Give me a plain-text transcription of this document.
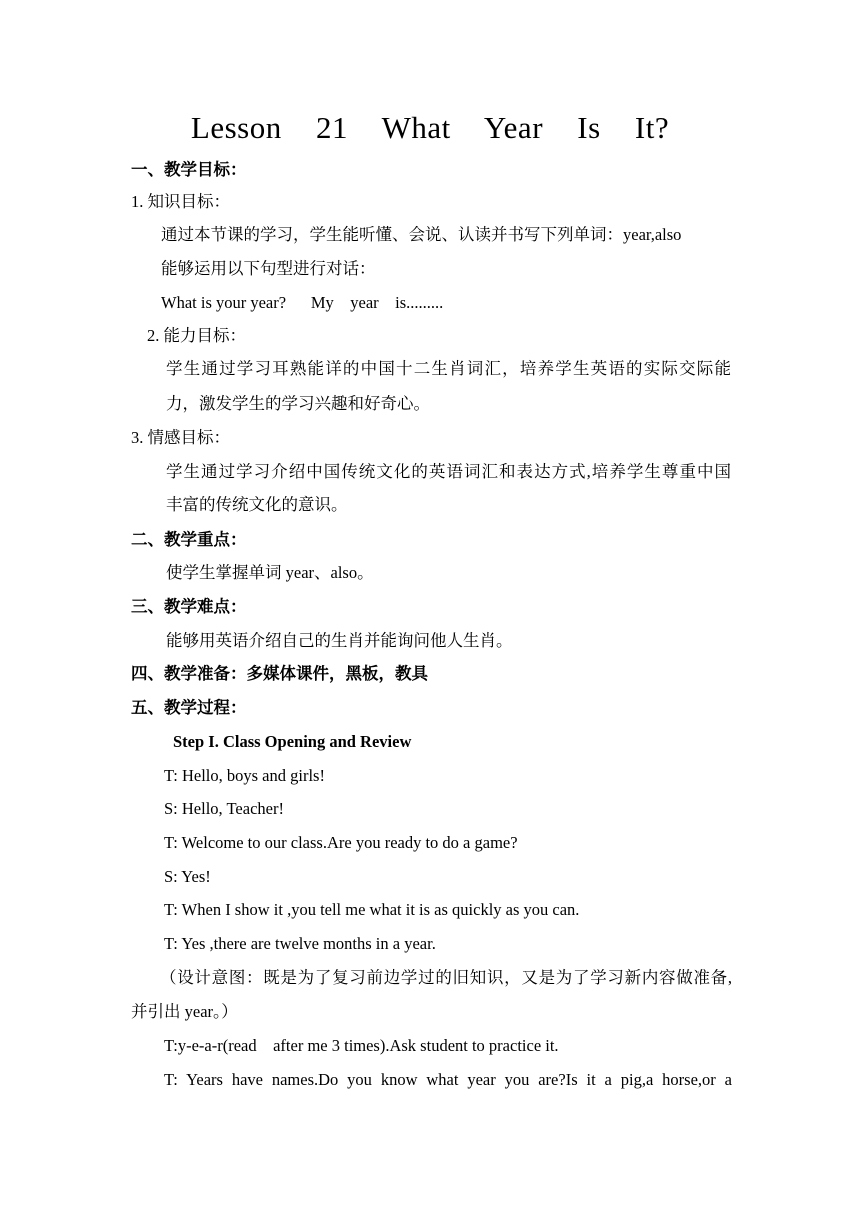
Lesson 21 What Year Is It?
一、教学目标：
1. 知识目标：
通过本节课的学习，学生能听懂、会说、认读并书写下列单词：year,also
能够运用以下句型进行对话：
What is your year?      My    year    is.........
2. 能力目标：
学生通过学习耳熟能详的中国十二生肖词汇，培养学生英语的实际交际能
力，激发学生的学习兴趣和好奇心。
3. 情感目标：
学生通过学习介绍中国传统文化的英语词汇和表达方式,培养学生尊重中国
丰富的传统文化的意识。
二、教学重点：
使学生掌握单词 year、also。
三、教学难点：
能够用英语介绍自己的生肖并能询问他人生肖。
四、教学准备：多媒体课件，黑板，教具
五、教学过程：
Step I. Class Opening and Review
T: Hello, boys and girls!
S: Hello, Teacher!
T: Welcome to our class.Are you ready to do a game?
S: Yes!
T: When I show it ,you tell me what it is as quickly as you can.
T: Yes ,there are twelve months in a year.
（设计意图：既是为了复习前边学过的旧知识，又是为了学习新内容做准备,
并引出 year。）
T:y-e-a-r(read    after me 3 times).Ask student to practice it.
T: Years have names.Do you know what year you are?Is it a pig,a horse,or a
